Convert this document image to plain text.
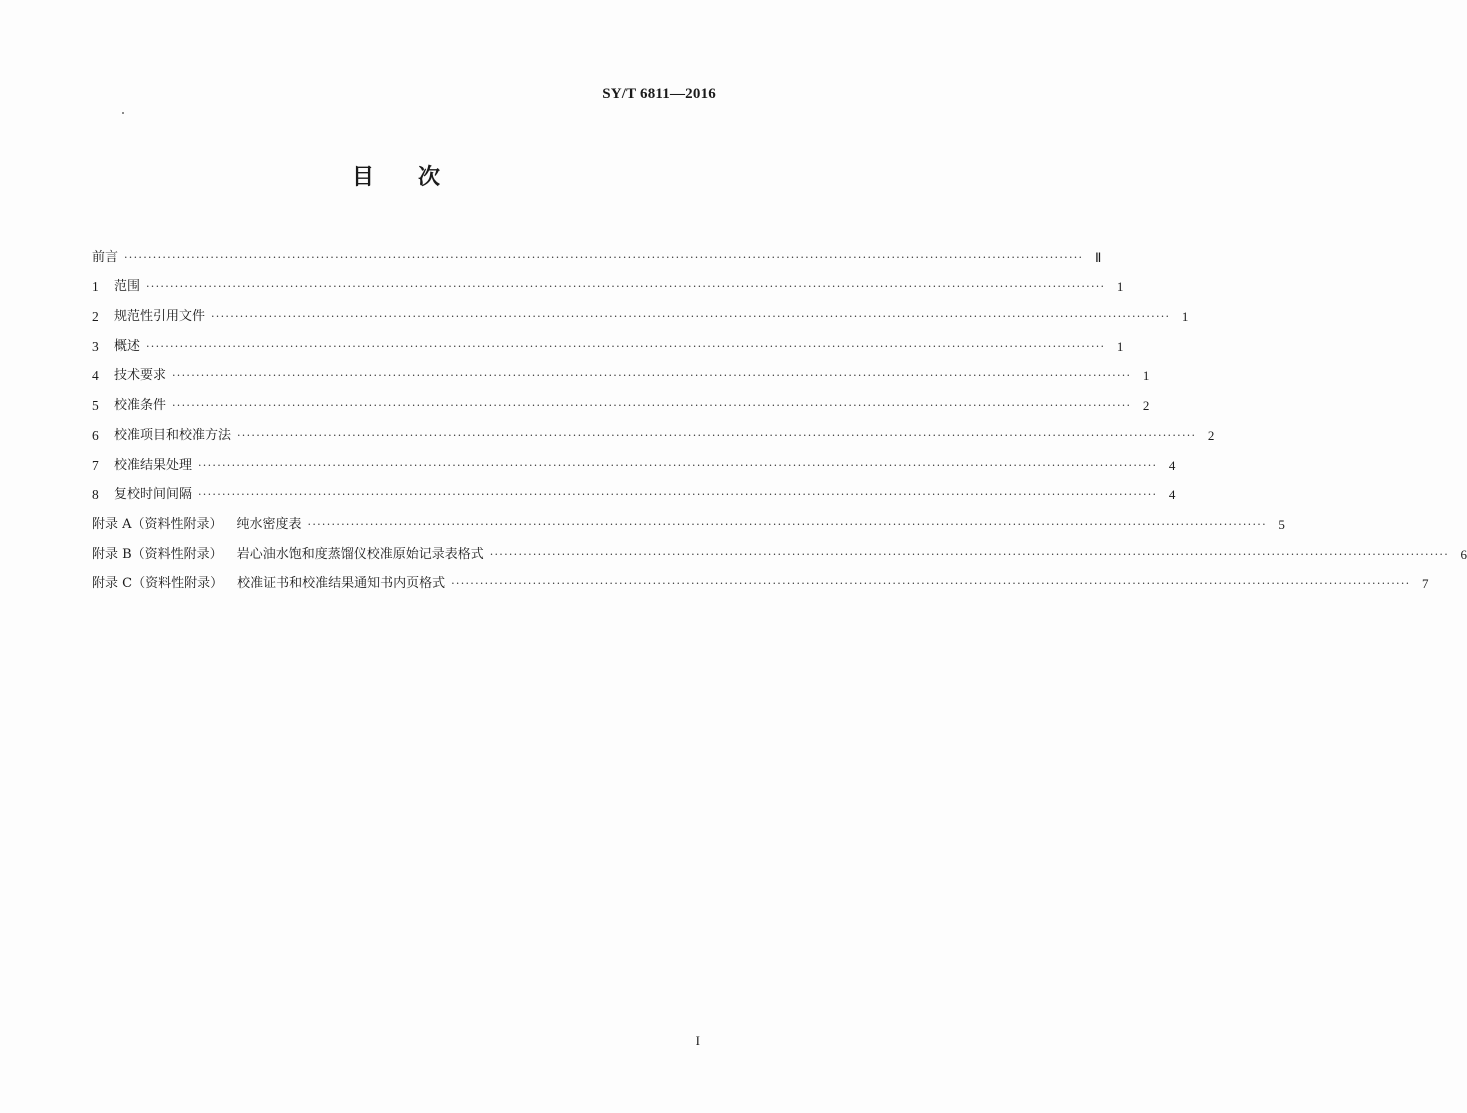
SY/T 6811—2016
目次
前言 ........................................................................................................................................................................................................ Ⅱ
1	范围 ........................................................................................................................................................................................................ 1
2	规范性引用文件 ........................................................................................................................................................................................................ 1
3	概述 ........................................................................................................................................................................................................ 1
4	技术要求 ........................................................................................................................................................................................................ 1
5	校准条件 ........................................................................................................................................................................................................ 2
6	校准项目和校准方法 ........................................................................................................................................................................................................ 2
7	校准结果处理 ........................................................................................................................................................................................................ 4
8	复校时间间隔 ........................................................................................................................................................................................................ 4
附录 A（资料性附录） 纯水密度表 ........................................................................................................................................................................................................ 5
附录 B（资料性附录） 岩心油水饱和度蒸馏仪校准原始记录表格式 ........................................................................................................................................................................................................ 6
附录 C（资料性附录） 校准证书和校准结果通知书内页格式 ........................................................................................................................................................................................................ 7
I
